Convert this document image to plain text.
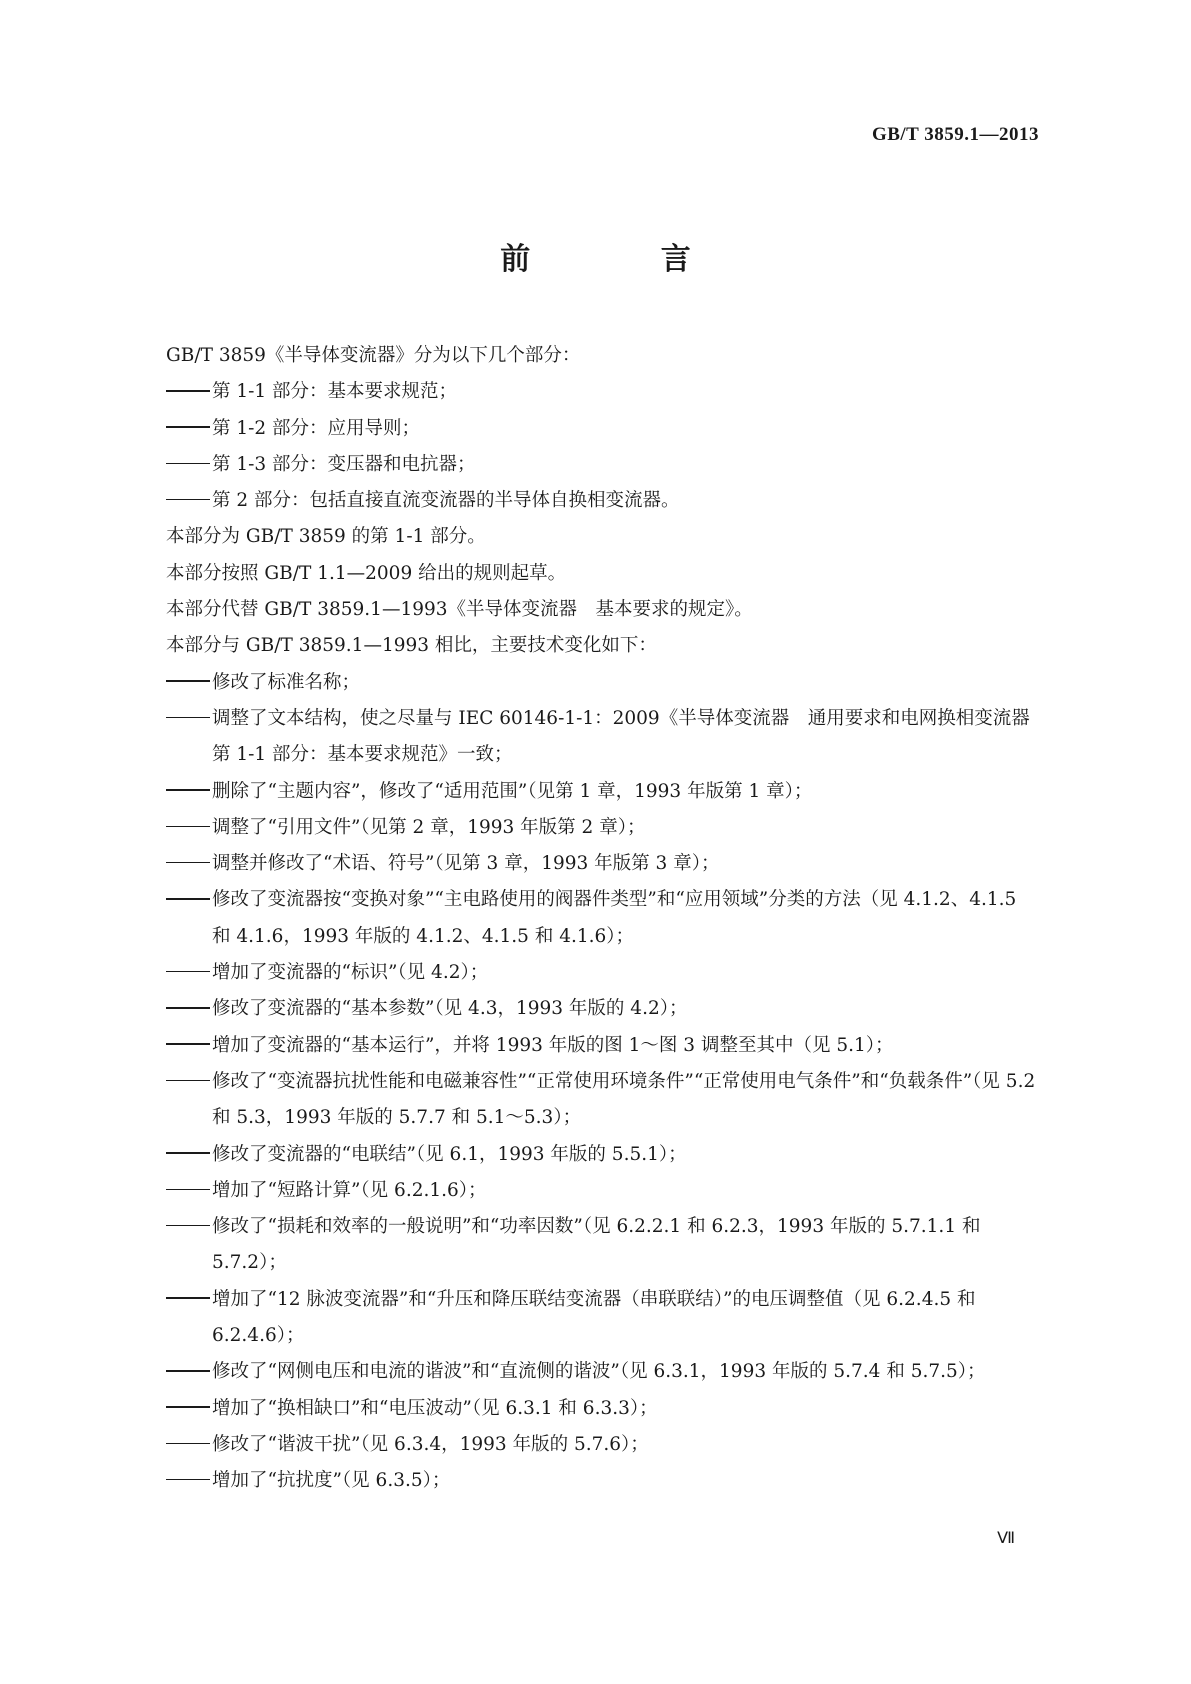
GB/T 3859.1—2013
前 言
GB/T 3859《半导体变流器》分为以下几个部分：
第 1-1 部分：基本要求规范；
第 1-2 部分：应用导则；
第 1-3 部分：变压器和电抗器；
第 2 部分：包括直接直流变流器的半导体自换相变流器。
本部分为 GB/T 3859 的第 1-1 部分。
本部分按照 GB/T 1.1—2009 给出的规则起草。
本部分代替 GB/T 3859.1—1993《半导体变流器　基本要求的规定》。
本部分与 GB/T 3859.1—1993 相比，主要技术变化如下：
修改了标准名称；
调整了文本结构，使之尽量与 IEC 60146-1-1：2009《半导体变流器　通用要求和电网换相变流器　第 1-1 部分：基本要求规范》一致；
删除了“主题内容”，修改了“适用范围”（见第 1 章，1993 年版第 1 章）；
调整了“引用文件”（见第 2 章，1993 年版第 2 章）；
调整并修改了“术语、符号”（见第 3 章，1993 年版第 3 章）；
修改了变流器按“变换对象”“主电路使用的阀器件类型”和“应用领域”分类的方法（见 4.1.2、4.1.5 和 4.1.6，1993 年版的 4.1.2、4.1.5 和 4.1.6）；
增加了变流器的“标识”（见 4.2）；
修改了变流器的“基本参数”（见 4.3，1993 年版的 4.2）；
增加了变流器的“基本运行”，并将 1993 年版的图 1～图 3 调整至其中（见 5.1）；
修改了“变流器抗扰性能和电磁兼容性”“正常使用环境条件”“正常使用电气条件”和“负载条件”（见 5.2 和 5.3，1993 年版的 5.7.7 和 5.1～5.3）；
修改了变流器的“电联结”（见 6.1，1993 年版的 5.5.1）；
增加了“短路计算”（见 6.2.1.6）；
修改了“损耗和效率的一般说明”和“功率因数”（见 6.2.2.1 和 6.2.3，1993 年版的 5.7.1.1 和 5.7.2）；
增加了“12 脉波变流器”和“升压和降压联结变流器（串联联结）”的电压调整值（见 6.2.4.5 和 6.2.4.6）；
修改了“网侧电压和电流的谐波”和“直流侧的谐波”（见 6.3.1，1993 年版的 5.7.4 和 5.7.5）；
增加了“换相缺口”和“电压波动”（见 6.3.1 和 6.3.3）；
修改了“谐波干扰”（见 6.3.4，1993 年版的 5.7.6）；
增加了“抗扰度”（见 6.3.5）；
Ⅶ
